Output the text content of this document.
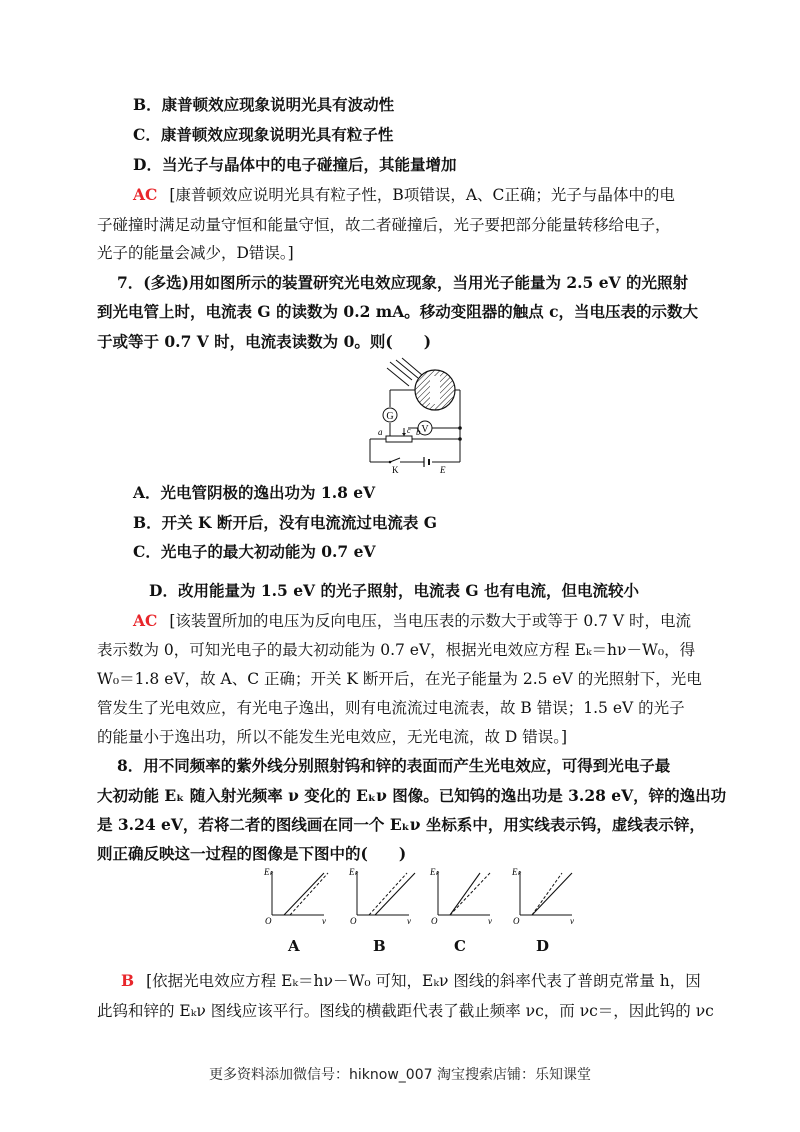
B．康普顿效应现象说明光具有波动性
C．康普顿效应现象说明光具有粒子性
D．当光子与晶体中的电子碰撞后，其能量增加
AC [康普顿效应说明光具有粒子性，B项错误，A、C正确；光子与晶体中的电
子碰撞时满足动量守恒和能量守恒，故二者碰撞后，光子要把部分能量转移给电子，
光子的能量会减少，D错误。]
7．(多选)用如图所示的装置研究光电效应现象，当用光子能量为 2.5 eV 的光照射
到光电管上时，电流表 G 的读数为 0.2 mA。移动变阻器的触点 c，当电压表的示数大
于或等于 0.7 V 时，电流表读数为 0。则(　　)
G
V
a	b
c
K	E
A．光电管阴极的逸出功为 1.8 eV
B．开关 K 断开后，没有电流流过电流表 G
C．光电子的最大初动能为 0.7 eV
D．改用能量为 1.5 eV 的光子照射，电流表 G 也有电流，但电流较小
AC [该装置所加的电压为反向电压，当电压表的示数大于或等于 0.7 V 时，电流
表示数为 0，可知光电子的最大初动能为 0.7 eV，根据光电效应方程 Eₖ＝hν－W₀，得
W₀＝1.8 eV，故 A、C 正确；开关 K 断开后，在光子能量为 2.5 eV 的光照射下，光电
管发生了光电效应，有光电子逸出，则有电流流过电流表，故 B 错误；1.5 eV 的光子
的能量小于逸出功，所以不能发生光电效应，无光电流，故 D 错误。]
8．用不同频率的紫外线分别照射钨和锌的表面而产生光电效应，可得到光电子最
大初动能 Eₖ 随入射光频率 ν 变化的 Eₖν 图像。已知钨的逸出功是 3.28 eV，锌的逸出功
是 3.24 eV，若将二者的图线画在同一个 Eₖν 坐标系中，用实线表示钨，虚线表示锌，
则正确反映这一过程的图像是下图中的(　　)
Eₖ
ν
O
A
Eₖ
ν
O
B
Eₖ
ν
O
C
Eₖ
ν
O
D
B [依据光电效应方程 Eₖ＝hν－W₀ 可知，Eₖν 图线的斜率代表了普朗克常量 h，因
此钨和锌的 Eₖν 图线应该平行。图线的横截距代表了截止频率 νc，而 νc＝，因此钨的 νc
更多资料添加微信号：hiknow_007 淘宝搜索店铺：乐知课堂
